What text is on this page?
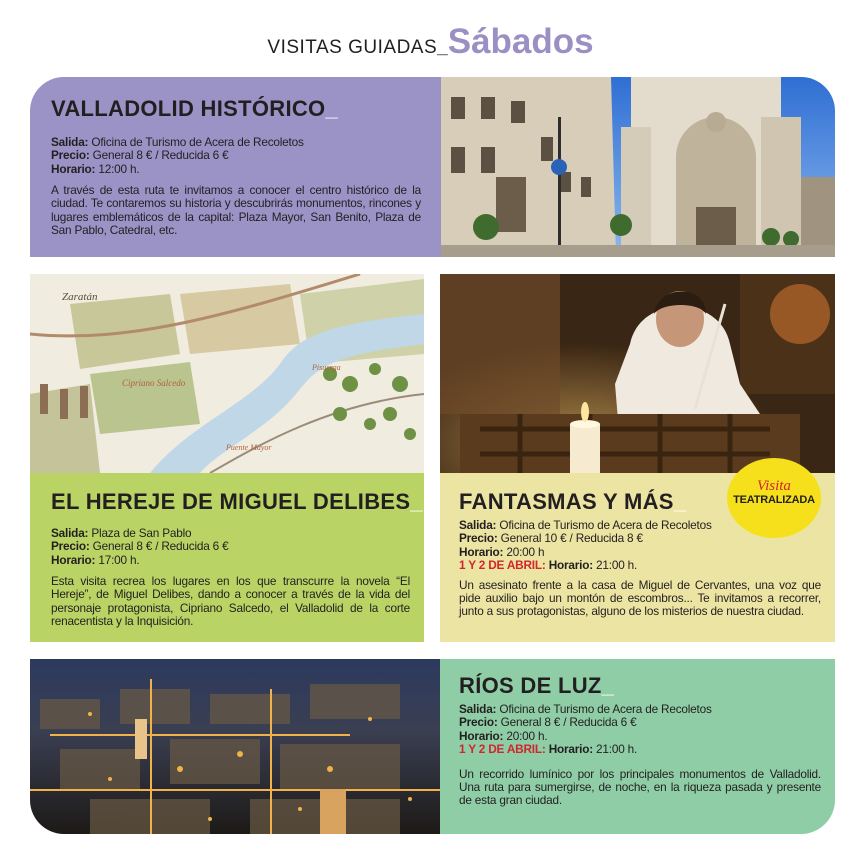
VISITAS GUIADAS_Sábados
VALLADOLID HISTÓRICO_

Salida: Oficina de Turismo de Acera de Recoletos
Precio: General 8 € / Reducida 6 €
Horario: 12:00 h.

A través de esta ruta te invitamos a conocer el centro histórico de la ciudad. Te contaremos su historia y descubrirás monumentos, rincones y lugares emblemáticos de la capital: Plaza Mayor, San Benito, Plaza de San Pablo, Catedral, etc.

Zaratán
Cipriano Salcedo
Puente Mayor
Pisuerga
EL HEREJE DE MIGUEL DELIBES_

Salida: Plaza de San Pablo
Precio: General 8 € / Reducida 6 €
Horario: 17:00 h.

Esta visita recrea los lugares en los que transcurre la novela “El Hereje”, de Miguel Delibes, dando a conocer a través de la vida del personaje protagonista, Cipriano Salcedo, el Valladolid de la corte renacentista y la Inquisición.

FANTASMAS Y MÁS_

Salida: Oficina de Turismo de Acera de Recoletos
Precio: General 10 € / Reducida 8 €
Horario: 20:00 h
1 Y 2 DE ABRIL: Horario: 21:00 h.

Un asesinato frente a la casa de Miguel de Cervantes, una voz que pide auxilio bajo un montón de escombros... Te invitamos a recorrer, junto a sus protagonistas, alguno de los misterios de nuestra ciudad.

Visita
TEATRALIZADA
RÍOS DE LUZ_

Salida: Oficina de Turismo de Acera de Recoletos
Precio: General 8 € / Reducida 6 €
Horario: 20:00 h.
1 Y 2 DE ABRIL: Horario: 21:00 h.

Un recorrido lumínico por los principales monumentos de Valladolid. Una ruta para sumergirse, de noche, en la riqueza pasada y presente de esta gran ciudad.
